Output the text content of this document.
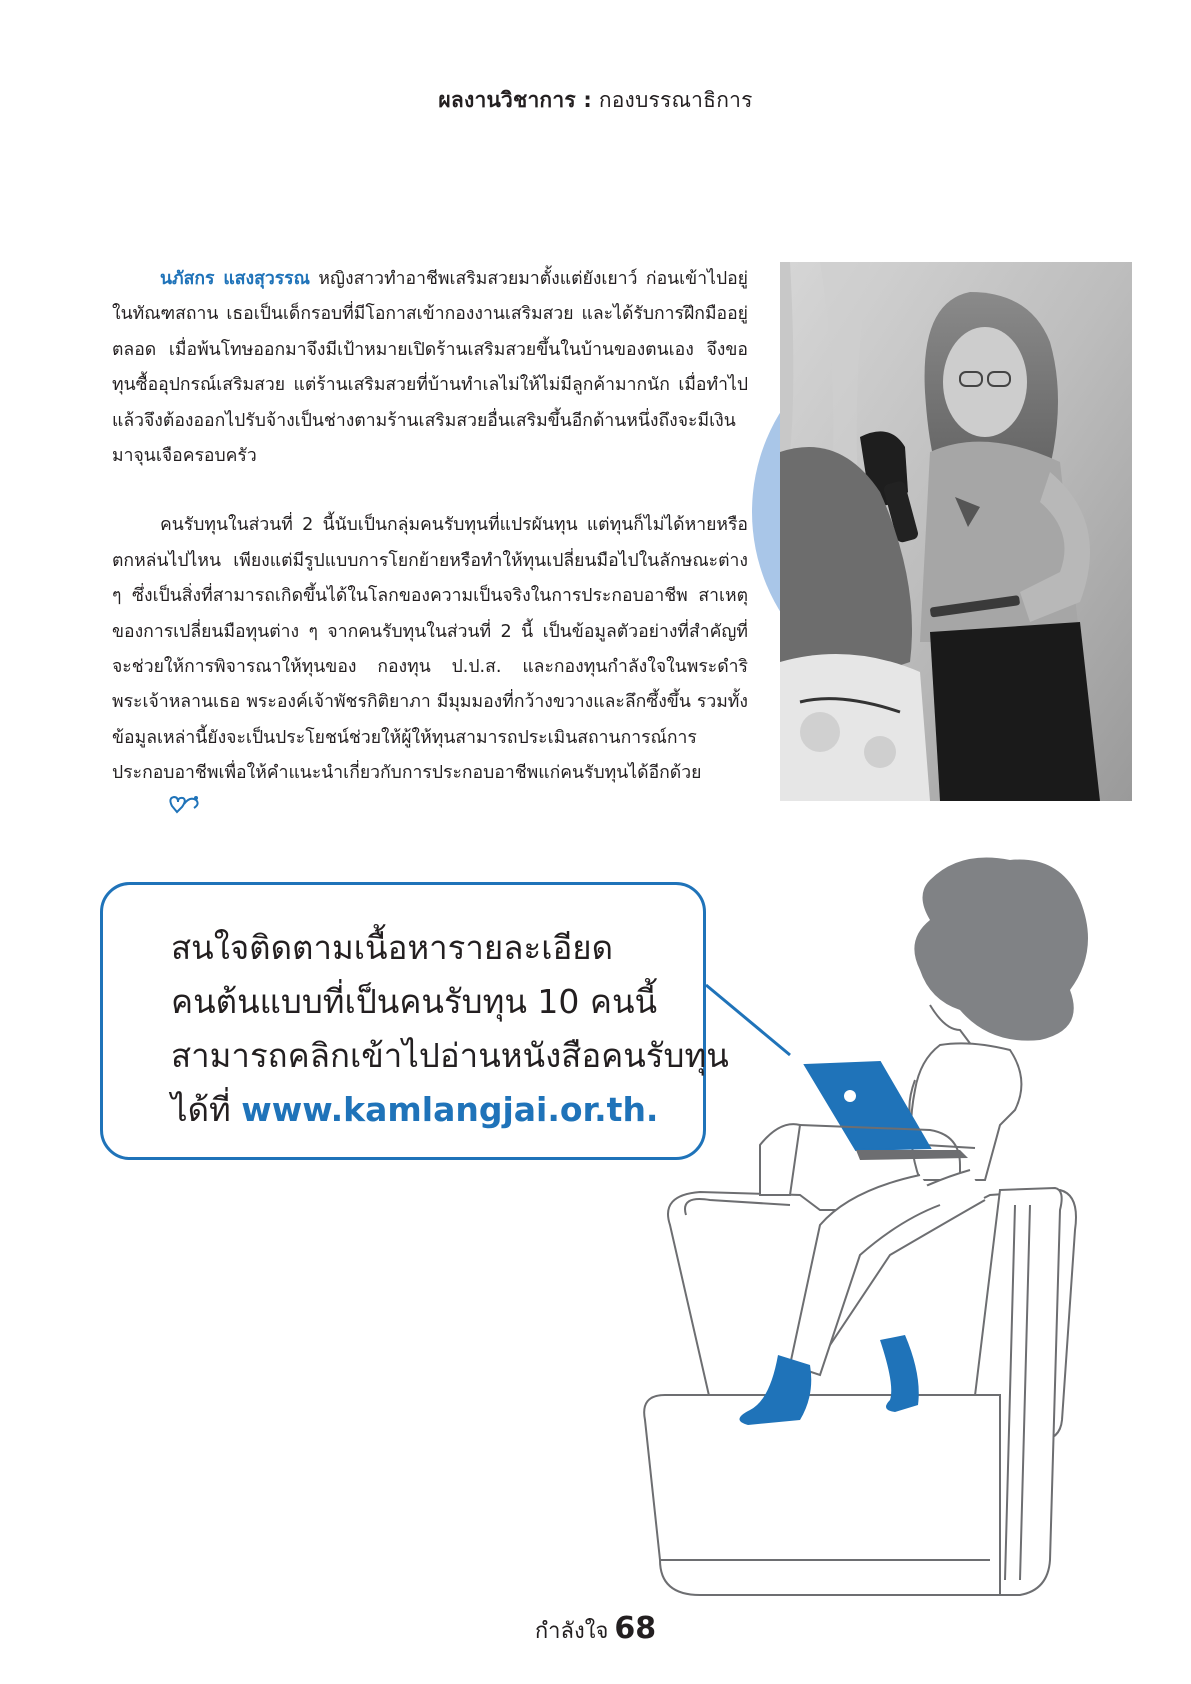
ผลงานวิชาการ : กองบรรณาธิการ

นภัสกร แสงสุวรรณ หญิงสาวทำอาชีพเสริมสวยมาตั้งแต่ยังเยาว์ ก่อนเข้าไปอยู่ในทัณฑสถาน เธอเป็นเด็กรอบที่มีโอกาสเข้ากองงานเสริมสวย และได้รับการฝึกมืออยู่ตลอด เมื่อพ้นโทษออกมาจึงมีเป้าหมายเปิดร้านเสริมสวยขึ้นในบ้านของตนเอง จึงขอทุนซื้ออุปกรณ์เสริมสวย แต่ร้านเสริมสวยที่บ้านทำเลไม่ให้ไม่มีลูกค้ามากนัก เมื่อทำไปแล้วจึงต้องออกไปรับจ้างเป็นช่างตามร้านเสริมสวยอื่นเสริมขึ้นอีกด้านหนึ่งถึงจะมีเงินมาจุนเจือครอบครัว

คนรับทุนในส่วนที่ 2 นี้นับเป็นกลุ่มคนรับทุนที่แปรผันทุน แต่ทุนก็ไม่ได้หายหรือตกหล่นไปไหน เพียงแต่มีรูปแบบการโยกย้ายหรือทำให้ทุนเปลี่ยนมือไปในลักษณะต่าง ๆ ซึ่งเป็นสิ่งที่สามารถเกิดขึ้นได้ในโลกของความเป็นจริงในการประกอบอาชีพ สาเหตุของการเปลี่ยนมือทุนต่าง ๆ จากคนรับทุนในส่วนที่ 2 นี้ เป็นข้อมูลตัวอย่างที่สำคัญที่จะช่วยให้การพิจารณาให้ทุนของ กองทุน ป.ป.ส. และกองทุนกำลังใจในพระดำริพระเจ้าหลานเธอ พระองค์เจ้าพัชรกิติยาภา มีมุมมองที่กว้างขวางและลึกซึ้งขึ้น รวมทั้งข้อมูลเหล่านี้ยังจะเป็นประโยชน์ช่วยให้ผู้ให้ทุนสามารถประเมินสถานการณ์การประกอบอาชีพเพื่อให้คำแนะนำเกี่ยวกับการประกอบอาชีพแก่คนรับทุนได้อีกด้วย

สนใจติดตามเนื้อหารายละเอียด
คนต้นแบบที่เป็นคนรับทุน 10 คนนี้
สามารถคลิกเข้าไปอ่านหนังสือคนรับทุน
ได้ที่ www.kamlangjai.or.th.
กำลังใจ 68
